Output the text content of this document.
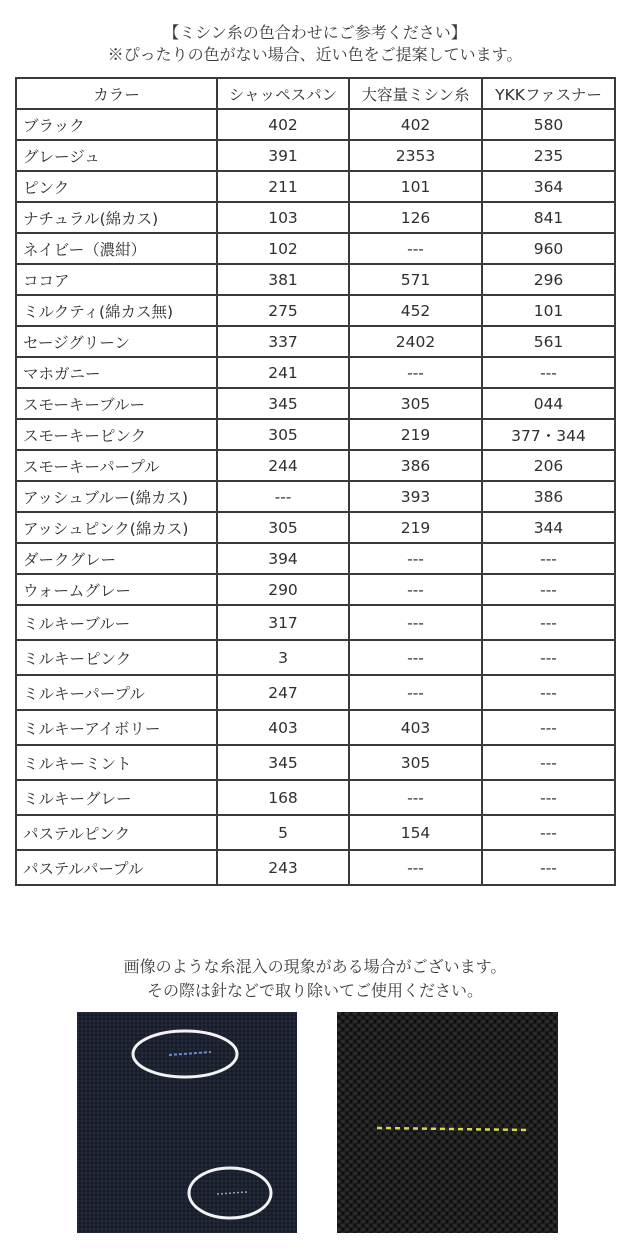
【ミシン糸の色合わせにご参考ください】
※ぴったりの色がない場合、近い色をご提案しています。
カラー	シャッペスパン	大容量ミシン糸	YKKファスナー
ブラック	402	402	580
グレージュ	391	2353	235
ピンク	211	101	364
ナチュラル(綿カス)	103	126	841
ネイビー（濃紺）	102	---	960
ココア	381	571	296
ミルクティ(綿カス無)	275	452	101
セージグリーン	337	2402	561
マホガニー	241	---	---
スモーキーブルー	345	305	044
スモーキーピンク	305	219	377・344
スモーキーパープル	244	386	206
アッシュブルー(綿カス)	---	393	386
アッシュピンク(綿カス)	305	219	344
ダークグレー	394	---	---
ウォームグレー	290	---	---
ミルキーブルー	317	---	---
ミルキーピンク	3	---	---
ミルキーパープル	247	---	---
ミルキーアイボリー	403	403	---
ミルキーミント	345	305	---
ミルキーグレー	168	---	---
パステルピンク	5	154	---
パステルパープル	243	---	---
画像のような糸混入の現象がある場合がございます。
その際は針などで取り除いてご使用ください。
